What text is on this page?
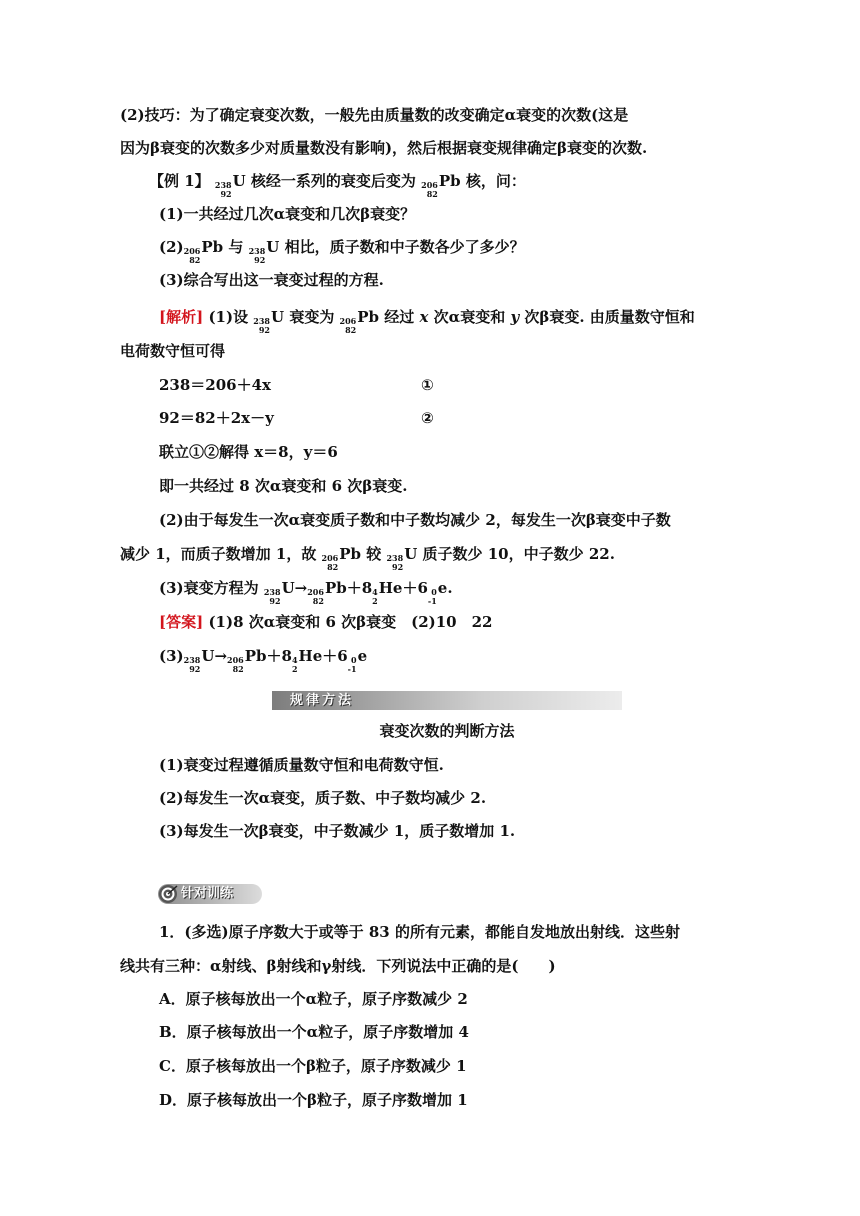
(2)技巧：为了确定衰变次数，一般先由质量数的改变确定α衰变的次数(这是
因为β衰变的次数多少对质量数没有影响)，然后根据衰变规律确定β衰变的次数.
【例 1】 238
92
U 核经一系列的衰变后变为 206
82
Pb 核，问：
(1)一共经过几次α衰变和几次β衰变？
(2) 206
82
Pb 与 238
92
U 相比，质子数和中子数各少了多少？
(3)综合写出这一衰变过程的方程.
[解析] (1)设 238
92
U 衰变为 206
82
Pb 经过 x 次α衰变和 y 次β衰变. 由质量数守恒和
电荷数守恒可得
238＝206＋4x	①
92＝82＋2x－y	②
联立①②解得 x＝8，y＝6
即一共经过 8 次α衰变和 6 次β衰变.
(2)由于每发生一次α衰变质子数和中子数均减少 2，每发生一次β衰变中子数
减少 1，而质子数增加 1，故 206
82
Pb 较 238
92
U 质子数少 10，中子数少 22.
(3)衰变方程为 238
92
U→ 206
82
Pb＋8 4
2
He＋6 0
-1
e.
[答案] (1)8 次α衰变和 6 次β衰变　(2)10　22
(3) 238
92
U→ 206
82
Pb＋8 4
2
He＋6 0
-1
e
规律方法
衰变次数的判断方法
(1)衰变过程遵循质量数守恒和电荷数守恒.
(2)每发生一次α衰变，质子数、中子数均减少 2.
(3)每发生一次β衰变，中子数减少 1，质子数增加 1.
针对训练
1．(多选)原子序数大于或等于 83 的所有元素，都能自发地放出射线．这些射
线共有三种：α射线、β射线和γ射线．下列说法中正确的是(　　)
A．原子核每放出一个α粒子，原子序数减少 2
B．原子核每放出一个α粒子，原子序数增加 4
C．原子核每放出一个β粒子，原子序数减少 1
D．原子核每放出一个β粒子，原子序数增加 1
